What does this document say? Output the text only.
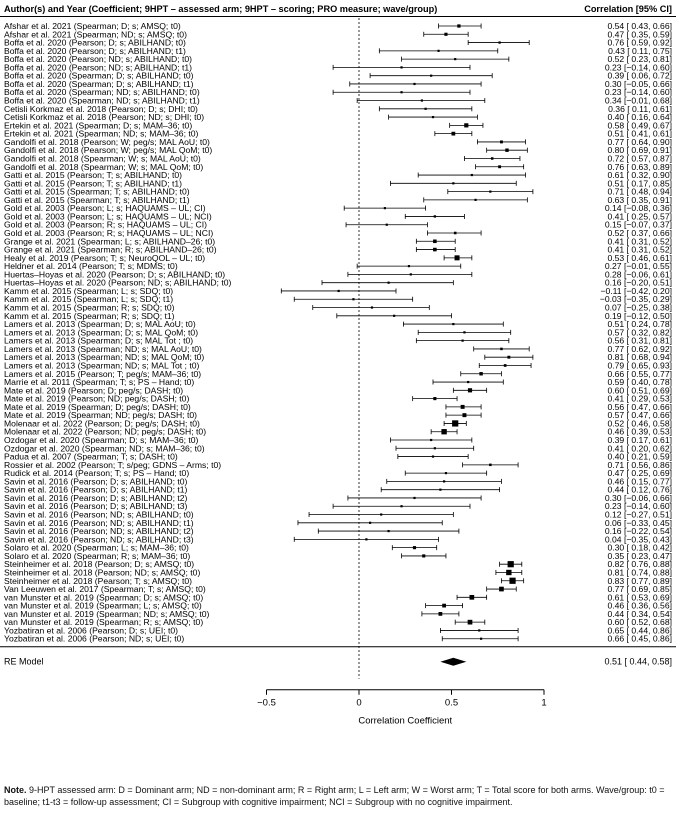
Author(s) and Year (Coefficient; 9HPT – assessed arm; 9HPT – scoring; PRO measure; wave/group)	Correlation [95% CI]
Afshar et al. 2021 (Spearman; D; s; AMSQ; t0)	0.54 [ 0.43, 0.66]
Afshar et al. 2021 (Spearman; ND; s; AMSQ; t0)	0.47 [ 0.35, 0.59]
Boffa et al. 2020 (Pearson; D; s; ABILHAND; t0)	0.76 [ 0.59, 0.92]
Boffa et al. 2020 (Pearson; D; s; ABILHAND; t1)	0.43 [ 0.11, 0.75]
Boffa et al. 2020 (Pearson; ND; s; ABILHAND; t0)	0.52 [ 0.23, 0.81]
Boffa et al. 2020 (Pearson; ND; s; ABILHAND; t1)	0.23 [−0.14, 0.60]
Boffa et al. 2020 (Spearman; D; s; ABILHAND; t0)	0.39 [ 0.06, 0.72]
Boffa et al. 2020 (Spearman; D; s; ABILHAND; t1)	0.30 [−0.05, 0.66]
Boffa et al. 2020 (Spearman; ND; s; ABILHAND; t0)	0.23 [−0.14, 0.60]
Boffa et al. 2020 (Spearman; ND; s; ABILHAND; t1)	0.34 [−0.01, 0.68]
Cetisli Korkmaz et al. 2018 (Pearson; D; s; DHI; t0)	0.36 [ 0.11, 0.61]
Cetisli Korkmaz et al. 2018 (Pearson; ND; s; DHI; t0)	0.40 [ 0.16, 0.64]
Ertekin et al. 2021 (Spearman; D; s; MAM–36; t0)	0.58 [ 0.49, 0.67]
Ertekin et al. 2021 (Spearman; ND; s; MAM–36; t0)	0.51 [ 0.41, 0.61]
Gandolfi et al. 2018 (Pearson; W; peg/s; MAL AoU; t0)	0.77 [ 0.64, 0.90]
Gandolfi et al. 2018 (Pearson; W; peg/s; MAL QoM; t0)	0.80 [ 0.69, 0.91]
Gandolfi et al. 2018 (Spearman; W; s; MAL AoU; t0)	0.72 [ 0.57, 0.87]
Gandolfi et al. 2018 (Spearman; W; s; MAL QoM; t0)	0.76 [ 0.63, 0.89]
Gatti et al. 2015 (Pearson; T; s; ABILHAND; t0)	0.61 [ 0.32, 0.90]
Gatti et al. 2015 (Pearson; T; s; ABILHAND; t1)	0.51 [ 0.17, 0.85]
Gatti et al. 2015 (Spearman; T; s; ABILHAND; t0)	0.71 [ 0.48, 0.94]
Gatti et al. 2015 (Spearman; T; s; ABILHAND; t1)	0.63 [ 0.35, 0.91]
Gold et al. 2003 (Pearson; L; s; HAQUAMS – UL; CI)	0.14 [−0.08, 0.36]
Gold et al. 2003 (Pearson; L; s; HAQUAMS – UL; NCI)	0.41 [ 0.25, 0.57]
Gold et al. 2003 (Pearson; R; s; HAQUAMS – UL; CI)	0.15 [−0.07, 0.37]
Gold et al. 2003 (Pearson; R; s; HAQUAMS – UL; NCI)	0.52 [ 0.37, 0.66]
Grange et al. 2021 (Spearman; L; s; ABILHAND–26; t0)	0.41 [ 0.31, 0.52]
Grange et al. 2021 (Spearman; R; s; ABILHAND–26; t0)	0.41 [ 0.31, 0.52]
Healy et al. 2019 (Pearson; T; s; NeuroQOL – UL; t0)	0.53 [ 0.46, 0.61]
Heldner et al. 2014 (Pearson; T; s; MDMS; t0)	0.27 [−0.01, 0.55]
Huertas–Hoyas et al. 2020 (Pearson; D; s; ABILHAND; t0)	0.28 [−0.06, 0.61]
Huertas–Hoyas et al. 2020 (Pearson; ND; s; ABILHAND; t0)	0.16 [−0.20, 0.51]
Kamm et al. 2015 (Spearman; L; s; SDQ; t0)	−0.11 [−0.42, 0.20]
Kamm et al. 2015 (Spearman; L; s; SDQ; t1)	−0.03 [−0.35, 0.29]
Kamm et al. 2015 (Spearman; R; s; SDQ; t0)	0.07 [−0.25, 0.38]
Kamm et al. 2015 (Spearman; R; s; SDQ; t1)	0.19 [−0.12, 0.50]
Lamers et al. 2013 (Spearman; D; s; MAL AoU; t0)	0.51 [ 0.24, 0.78]
Lamers et al. 2013 (Spearman; D; s; MAL QoM; t0)	0.57 [ 0.32, 0.82]
Lamers et al. 2013 (Spearman; D; s; MAL Tot ; t0)	0.56 [ 0.31, 0.81]
Lamers et al. 2013 (Spearman; ND; s; MAL AoU; t0)	0.77 [ 0.62, 0.92]
Lamers et al. 2013 (Spearman; ND; s; MAL QoM; t0)	0.81 [ 0.68, 0.94]
Lamers et al. 2013 (Spearman; ND; s; MAL Tot ; t0)	0.79 [ 0.65, 0.93]
Lamers et al. 2015 (Pearson; T; peg/s; MAM–36; t0)	0.66 [ 0.55, 0.77]
Marrie et al. 2011 (Spearman; T; s; PS – Hand; t0)	0.59 [ 0.40, 0.78]
Mate et al. 2019 (Pearson; D; peg/s; DASH; t0)	0.60 [ 0.51, 0.69]
Mate et al. 2019 (Pearson; ND; peg/s; DASH; t0)	0.41 [ 0.29, 0.53]
Mate et al. 2019 (Spearman; D; peg/s; DASH; t0)	0.56 [ 0.47, 0.66]
Mate et al. 2019 (Spearman; ND; peg/s; DASH; t0)	0.57 [ 0.47, 0.66]
Molenaar et al. 2022 (Pearson; D; peg/s; DASH; t0)	0.52 [ 0.46, 0.58]
Molenaar et al. 2022 (Pearson; ND; peg/s; DASH; t0)	0.46 [ 0.39, 0.53]
Ozdogar et al. 2020 (Spearman; D; s; MAM–36; t0)	0.39 [ 0.17, 0.61]
Ozdogar et al. 2020 (Spearman; ND; s; MAM–36; t0)	0.41 [ 0.20, 0.62]
Padua et al. 2007 (Spearman; T; s; DASH; t0)	0.40 [ 0.21, 0.59]
Rossier et al. 2002 (Pearson; T; s/peg; GDNS – Arms; t0)	0.71 [ 0.56, 0.86]
Rudick et al. 2014 (Pearson; T; s; PS – Hand; t0)	0.47 [ 0.25, 0.69]
Savin et al. 2016 (Pearson; D; s; ABILHAND; t0)	0.46 [ 0.15, 0.77]
Savin et al. 2016 (Pearson; D; s; ABILHAND; t1)	0.44 [ 0.12, 0.76]
Savin et al. 2016 (Pearson; D; s; ABILHAND; t2)	0.30 [−0.06, 0.66]
Savin et al. 2016 (Pearson; D; s; ABILHAND; t3)	0.23 [−0.14, 0.60]
Savin et al. 2016 (Pearson; ND; s; ABILHAND; t0)	0.12 [−0.27, 0.51]
Savin et al. 2016 (Pearson; ND; s; ABILHAND; t1)	0.06 [−0.33, 0.45]
Savin et al. 2016 (Pearson; ND; s; ABILHAND; t2)	0.16 [−0.22, 0.54]
Savin et al. 2016 (Pearson; ND; s; ABILHAND; t3)	0.04 [−0.35, 0.43]
Solaro et al. 2020 (Spearman; L; s; MAM–36; t0)	0.30 [ 0.18, 0.42]
Solaro et al. 2020 (Spearman; R; s; MAM–36; t0)	0.35 [ 0.23, 0.47]
Steinheimer et al. 2018 (Pearson; D; s; AMSQ; t0)	0.82 [ 0.76, 0.88]
Steinheimer et al. 2018 (Pearson; ND; s; AMSQ; t0)	0.81 [ 0.74, 0.88]
Steinheimer et al. 2018 (Pearson; T; s; AMSQ; t0)	0.83 [ 0.77, 0.89]
Van Leeuwen et al. 2017 (Spearman; T; s; AMSQ; t0)	0.77 [ 0.69, 0.85]
van Munster et al. 2019 (Spearman; D; s; AMSQ; t0)	0.61 [ 0.53, 0.69]
van Munster et al. 2019 (Spearman; L; s; AMSQ; t0)	0.46 [ 0.36, 0.56]
van Munster et al. 2019 (Spearman; ND; s; AMSQ; t0)	0.44 [ 0.34, 0.54]
van Munster et al. 2019 (Spearman; R; s; AMSQ; t0)	0.60 [ 0.52, 0.68]
Yozbatiran et al. 2006 (Pearson; D; s; UEI; t0)	0.65 [ 0.44, 0.86]
Yozbatiran et al. 2006 (Pearson; ND; s; UEI; t0)	0.66 [ 0.45, 0.86]
RE Model	0.51 [ 0.44, 0.58]
−0.5	0	0.5	1
Correlation Coefficient
Note. 9-HPT assessed arm: D = Dominant arm; ND = non-dominant arm; R = Right arm; L = Left arm; W = Worst arm; T = Total score for both arms. Wave/group: t0 = baseline; t1-t3 = follow-up assessment; CI = Subgroup with cognitive impairment; NCI = Subgroup with no cognitive impairment.
